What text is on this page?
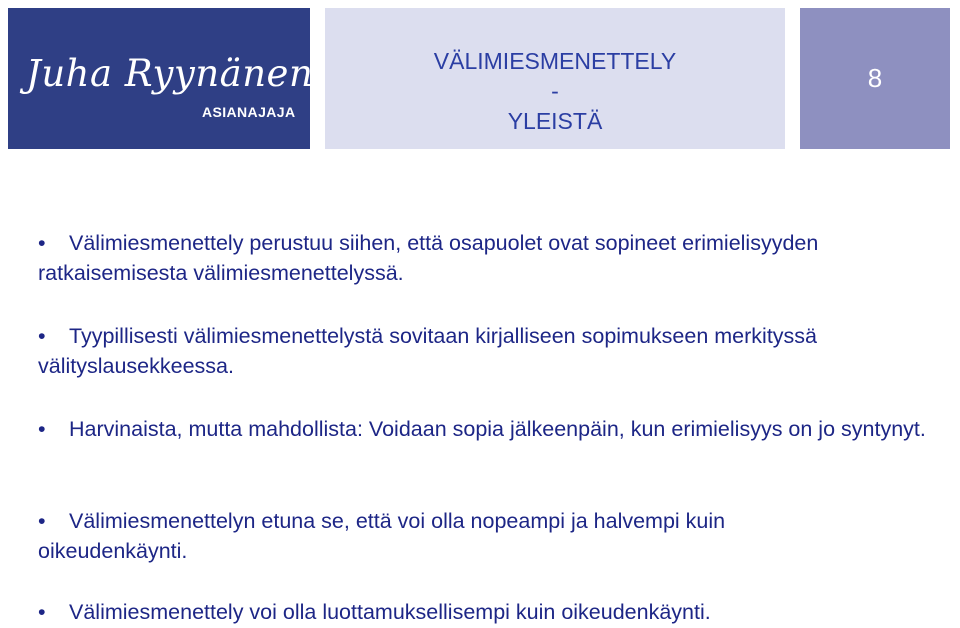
Juha Ryynänen
ASIANAJAJA
VÄLIMIESMENETTELY
-
YLEISTÄ
8
• Välimiesmenettely perustuu siihen, että osapuolet ovat sopineet erimielisyyden ratkaisemisesta välimiesmenettelyssä.
• Tyypillisesti välimiesmenettelystä sovitaan kirjalliseen sopimukseen merkityssä välityslausekkeessa.
• Harvinaista, mutta mahdollista: Voidaan sopia jälkeenpäin, kun erimielisyys on jo syntynyt.
• Välimiesmenettelyn etuna se, että voi olla nopeampi ja halvempi kuin oikeudenkäynti.
• Välimiesmenettely voi olla luottamuksellisempi kuin oikeudenkäynti.
